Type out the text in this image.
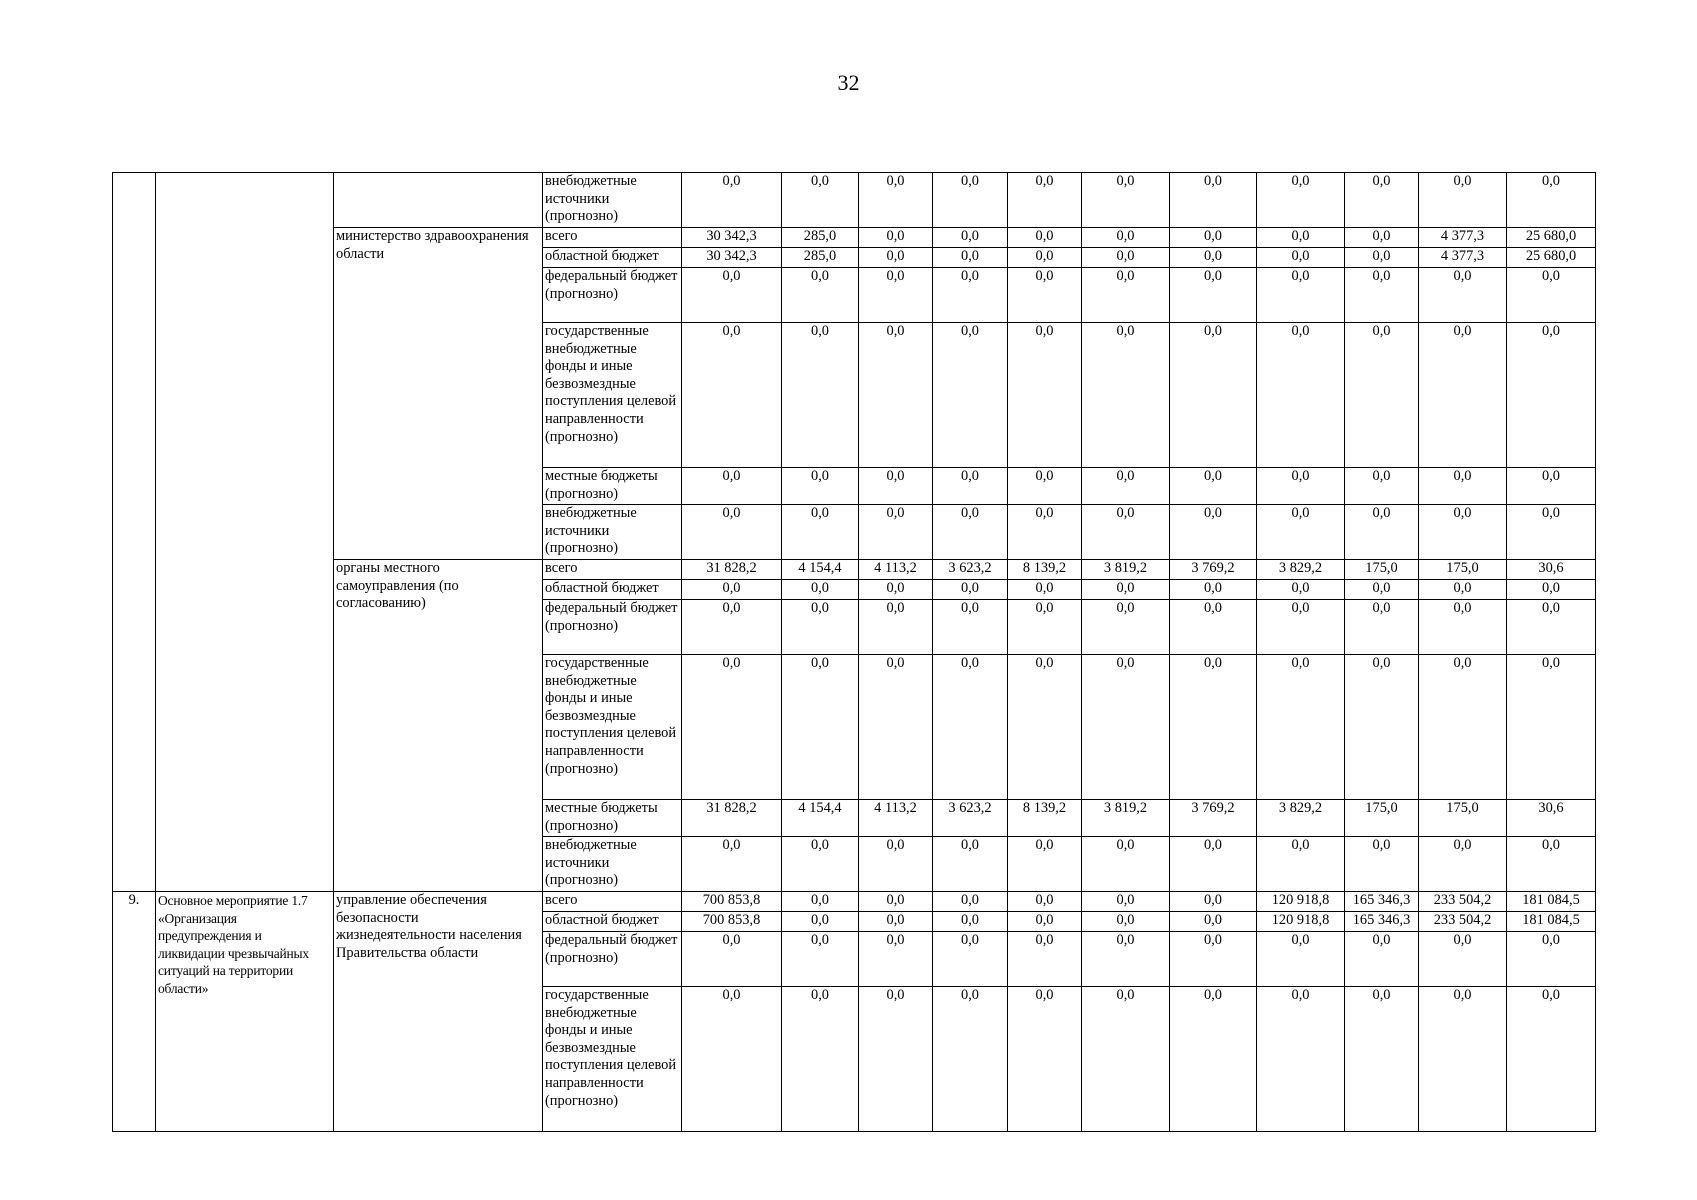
32
			внебюджетные источники (прогнозно)	0,0	0,0	0,0	0,0	0,0	0,0	0,0	0,0	0,0	0,0	0,0
		министерство здравоохранения области	всего	30 342,3	285,0	0,0	0,0	0,0	0,0	0,0	0,0	0,0	4 377,3	25 680,0
			областной бюджет	30 342,3	285,0	0,0	0,0	0,0	0,0	0,0	0,0	0,0	4 377,3	25 680,0
			федеральный бюджет (прогнозно)	0,0	0,0	0,0	0,0	0,0	0,0	0,0	0,0	0,0	0,0	0,0
			государственные внебюджетные фонды и иные безвозмездные поступления целевой направленности (прогнозно)	0,0	0,0	0,0	0,0	0,0	0,0	0,0	0,0	0,0	0,0	0,0
			местные бюджеты (прогнозно)	0,0	0,0	0,0	0,0	0,0	0,0	0,0	0,0	0,0	0,0	0,0
			внебюджетные источники (прогнозно)	0,0	0,0	0,0	0,0	0,0	0,0	0,0	0,0	0,0	0,0	0,0
		органы местного самоуправления (по согласованию)	всего	31 828,2	4 154,4	4 113,2	3 623,2	8 139,2	3 819,2	3 769,2	3 829,2	175,0	175,0	30,6
			областной бюджет	0,0	0,0	0,0	0,0	0,0	0,0	0,0	0,0	0,0	0,0	0,0
			федеральный бюджет (прогнозно)	0,0	0,0	0,0	0,0	0,0	0,0	0,0	0,0	0,0	0,0	0,0
			государственные внебюджетные фонды и иные безвозмездные поступления целевой направленности (прогнозно)	0,0	0,0	0,0	0,0	0,0	0,0	0,0	0,0	0,0	0,0	0,0
			местные бюджеты (прогнозно)	31 828,2	4 154,4	4 113,2	3 623,2	8 139,2	3 819,2	3 769,2	3 829,2	175,0	175,0	30,6
			внебюджетные источники (прогнозно)	0,0	0,0	0,0	0,0	0,0	0,0	0,0	0,0	0,0	0,0	0,0
9.	Основное мероприятие 1.7 «Организация предупреждения и ликвидации чрезвычайных ситуаций на территории области»	управление обеспечения безопасности жизнедеятельности населения Правительства области	всего	700 853,8	0,0	0,0	0,0	0,0	0,0	0,0	120 918,8	165 346,3	233 504,2	181 084,5
			областной бюджет	700 853,8	0,0	0,0	0,0	0,0	0,0	0,0	120 918,8	165 346,3	233 504,2	181 084,5
			федеральный бюджет (прогнозно)	0,0	0,0	0,0	0,0	0,0	0,0	0,0	0,0	0,0	0,0	0,0
			государственные внебюджетные фонды и иные безвозмездные поступления целевой направленности (прогнозно)	0,0	0,0	0,0	0,0	0,0	0,0	0,0	0,0	0,0	0,0	0,0
